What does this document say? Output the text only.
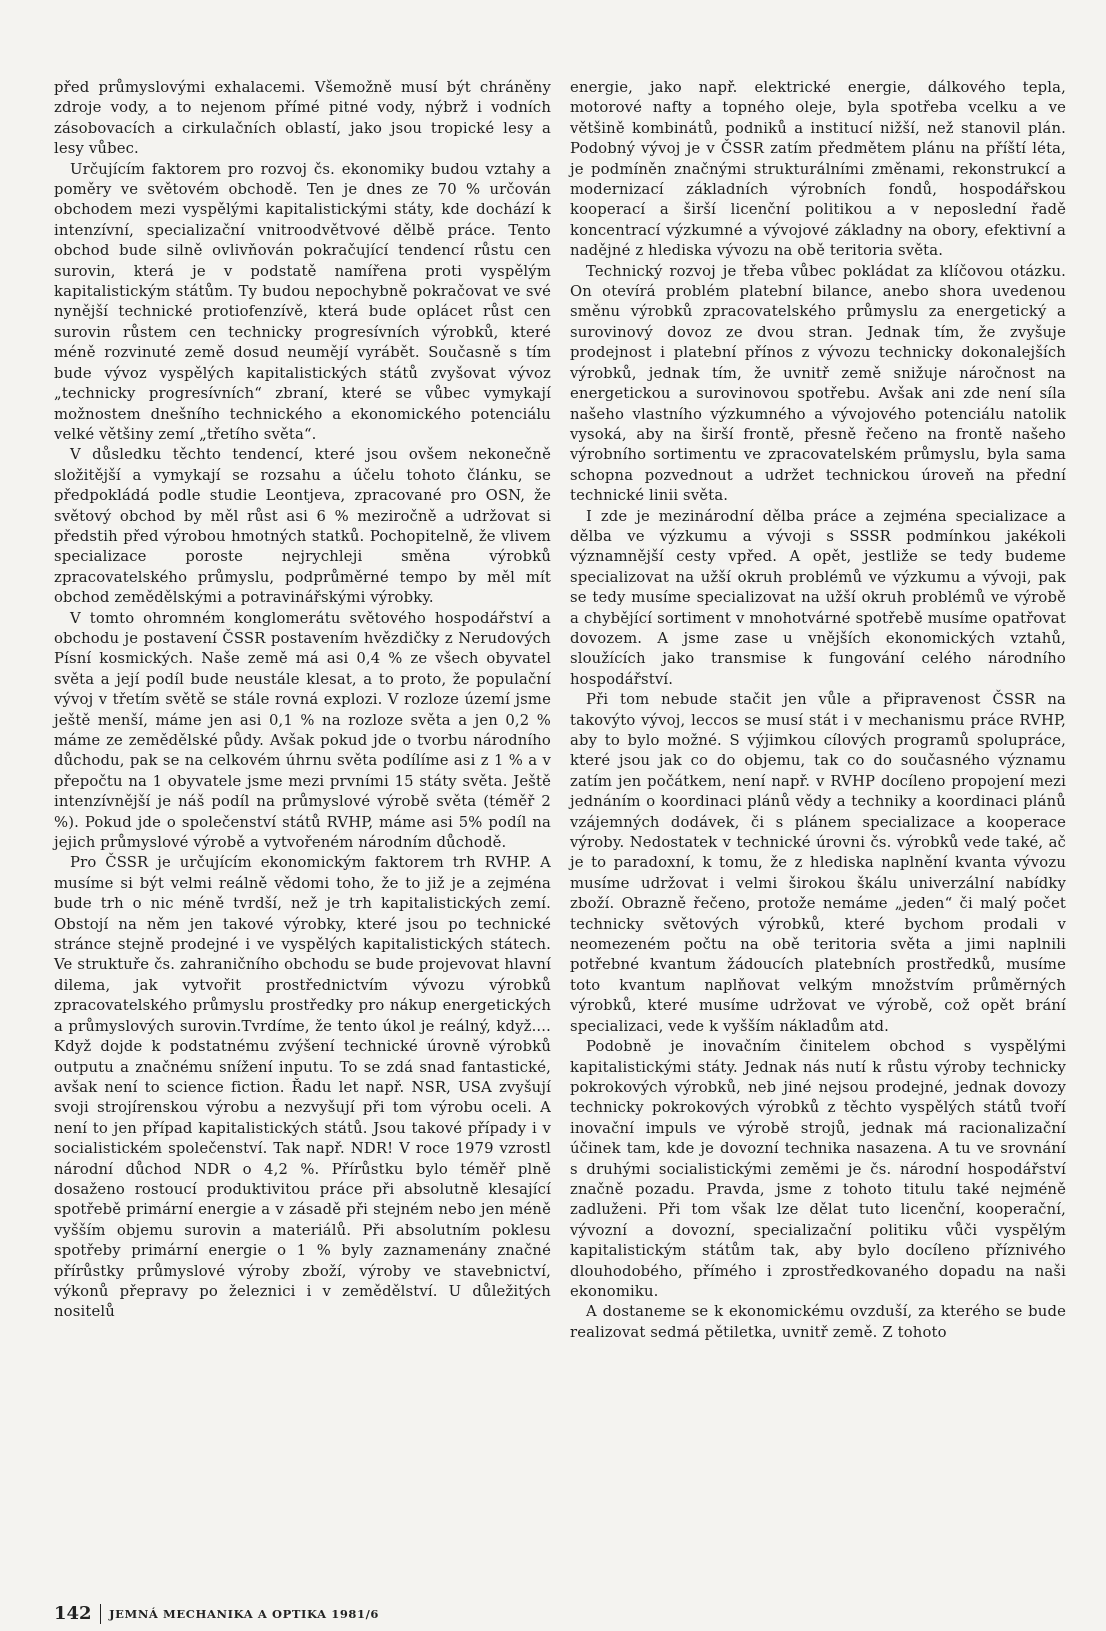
před průmyslovými exhalacemi. Všemožně musí být chráněny zdroje vody, a to nejenom přímé pitné vody, nýbrž i vodních zásobovacích a cirkulačních oblastí, jako jsou tropické lesy a lesy vůbec.

Určujícím faktorem pro rozvoj čs. ekonomiky budou vztahy a poměry ve světovém obchodě. Ten je dnes ze 70 % určován obchodem mezi vyspělými kapitalistickými státy, kde dochází k intenzívní, specializační vnitroodvětvové dělbě práce. Tento obchod bude silně ovlivňován pokračující tendencí růstu cen surovin, která je v podstatě namířena proti vyspělým kapitalistickým státům. Ty budou nepochybně pokračovat ve své nynější technické protiofenzívě, která bude oplácet růst cen surovin růstem cen technicky progresívních výrobků, které méně rozvinuté země dosud neumějí vyrábět. Současně s tím bude vývoz vyspělých kapitalistických států zvyšovat vývoz „technicky progresívních“ zbraní, které se vůbec vymykají možnostem dnešního technického a ekonomického potenciálu velké většiny zemí „třetího světa“.

V důsledku těchto tendencí, které jsou ovšem nekonečně složitější a vymykají se rozsahu a účelu tohoto článku, se předpokládá podle studie Leontjeva, zpracované pro OSN, že světový obchod by měl růst asi 6 % meziročně a udržovat si předstih před výrobou hmotných statků. Pochopitelně, že vlivem specializace poroste nejrychleji směna výrobků zpracovatelského průmyslu, podprůměrné tempo by měl mít obchod zemědělskými a potravinářskými výrobky.

V tomto ohromném konglomerátu světového hospodářství a obchodu je postavení ČSSR postavením hvězdičky z Nerudových Písní kosmických. Naše země má asi 0,4 % ze všech obyvatel světa a její podíl bude neustále klesat, a to proto, že populační vývoj v třetím světě se stále rovná explozi. V rozloze území jsme ještě menší, máme jen asi 0,1 % na rozloze světa a jen 0,2 % máme ze zemědělské půdy. Avšak pokud jde o tvorbu národního důchodu, pak se na celkovém úhrnu světa podílíme asi z 1 % a v přepočtu na 1 obyvatele jsme mezi prvními 15 státy světa. Ještě intenzívnější je náš podíl na průmyslové výrobě světa (téměř 2 %). Pokud jde o společenství států RVHP, máme asi 5% podíl na jejich průmyslové výrobě a vytvořeném národním důchodě.

Pro ČSSR je určujícím ekonomickým faktorem trh RVHP. A musíme si být velmi reálně vědomi toho, že to již je a zejména bude trh o nic méně tvrdší, než je trh kapitalistických zemí. Obstojí na něm jen takové výrobky, které jsou po technické stránce stejně prodejné i ve vyspělých kapitalistických státech. Ve struktuře čs. zahraničního obchodu se bude projevovat hlavní dilema, jak vytvořit prostřednictvím vývozu výrobků zpracovatelského průmyslu prostředky pro nákup energetických a průmyslových surovin.Tvrdíme, že tento úkol je reálný, když.... Když dojde k podstatnému zvýšení technické úrovně výrobků outputu a značnému snížení inputu. To se zdá snad fantastické, avšak není to science fiction. Řadu let např. NSR, USA zvyšují svoji strojírenskou výrobu a nezvyšují při tom výrobu oceli. A není to jen případ kapitalistických států. Jsou takové případy i v socialistickém společenství. Tak např. NDR! V roce 1979 vzrostl národní důchod NDR o 4,2 %. Přírůstku bylo téměř plně dosaženo rostoucí produktivitou práce při absolutně klesající spotřebě primární energie a v zásadě při stejném nebo jen méně vyšším objemu surovin a materiálů. Při absolutním poklesu spotřeby primární energie o 1 % byly zaznamenány značné přírůstky průmyslové výroby zboží, výroby ve stavebnictví, výkonů přepravy po železnici i v zemědělství. U důležitých nositelů

energie, jako např. elektrické energie, dálkového tepla, motorové nafty a topného oleje, byla spotřeba vcelku a ve většině kombinátů, podniků a institucí nižší, než stanovil plán. Podobný vývoj je v ČSSR zatím předmětem plánu na příští léta, je podmíněn značnými strukturálními změnami, rekonstrukcí a modernizací základních výrobních fondů, hospodářskou kooperací a širší licenční politikou a v neposlední řadě koncentrací výzkumné a vývojové základny na obory, efektivní a nadějné z hlediska vývozu na obě teritoria světa.

Technický rozvoj je třeba vůbec pokládat za klíčovou otázku. On otevírá problém platební bilance, anebo shora uvedenou směnu výrobků zpracovatelského průmyslu za energetický a surovinový dovoz ze dvou stran. Jednak tím, že zvyšuje prodejnost i platební přínos z vývozu technicky dokonalejších výrobků, jednak tím, že uvnitř země snižuje náročnost na energetickou a surovinovou spotřebu. Avšak ani zde není síla našeho vlastního výzkumného a vývojového potenciálu natolik vysoká, aby na širší frontě, přesně řečeno na frontě našeho výrobního sortimentu ve zpracovatelském průmyslu, byla sama schopna pozvednout a udržet technickou úroveň na přední technické linii světa.

I zde je mezinárodní dělba práce a zejména specializace a dělba ve výzkumu a vývoji s SSSR podmínkou jakékoli významnější cesty vpřed. A opět, jestliže se tedy budeme specializovat na užší okruh problémů ve výzkumu a vývoji, pak se tedy musíme specializovat na užší okruh problémů ve výrobě a chybějící sortiment v mnohotvárné spotřebě musíme opatřovat dovozem. A jsme zase u vnějších ekonomických vztahů, sloužících jako transmise k fungování celého národního hospodářství.

Při tom nebude stačit jen vůle a připravenost ČSSR na takovýto vývoj, leccos se musí stát i v mechanismu práce RVHP, aby to bylo možné. S výjimkou cílových programů spolupráce, které jsou jak co do objemu, tak co do současného významu zatím jen počátkem, není např. v RVHP docíleno propojení mezi jednáním o koordinaci plánů vědy a techniky a koordinaci plánů vzájemných dodávek, či s plánem specializace a kooperace výroby. Nedostatek v technické úrovni čs. výrobků vede také, ač je to paradoxní, k tomu, že z hlediska naplnění kvanta vývozu musíme udržovat i velmi širokou škálu univerzální nabídky zboží. Obrazně řečeno, protože nemáme „jeden“ či malý počet technicky světových výrobků, které bychom prodali v neomezeném počtu na obě teritoria světa a jimi naplnili potřebné kvantum žádoucích platebních prostředků, musíme toto kvantum naplňovat velkým množstvím průměrných výrobků, které musíme udržovat ve výrobě, což opět brání specializaci, vede k vyšším nákladům atd.

Podobně je inovačním činitelem obchod s vyspělými kapitalistickými státy. Jednak nás nutí k růstu výroby technicky pokrokových výrobků, neb jiné nejsou prodejné, jednak dovozy technicky pokrokových výrobků z těchto vyspělých států tvoří inovační impuls ve výrobě strojů, jednak má racionalizační účinek tam, kde je dovozní technika nasazena. A tu ve srovnání s druhými socialistickými zeměmi je čs. národní hospodářství značně pozadu. Pravda, jsme z tohoto titulu také nejméně zadluženi. Při tom však lze dělat tuto licenční, kooperační, vývozní a dovozní, specializační politiku vůči vyspělým kapitalistickým státům tak, aby bylo docíleno příznivého dlouhodobého, přímého i zprostředkovaného dopadu na naši ekonomiku.

A dostaneme se k ekonomickému ovzduší, za kterého se bude realizovat sedmá pětiletka, uvnitř země. Z tohoto

142 JEMNÁ MECHANIKA A OPTIKA 1981/6
